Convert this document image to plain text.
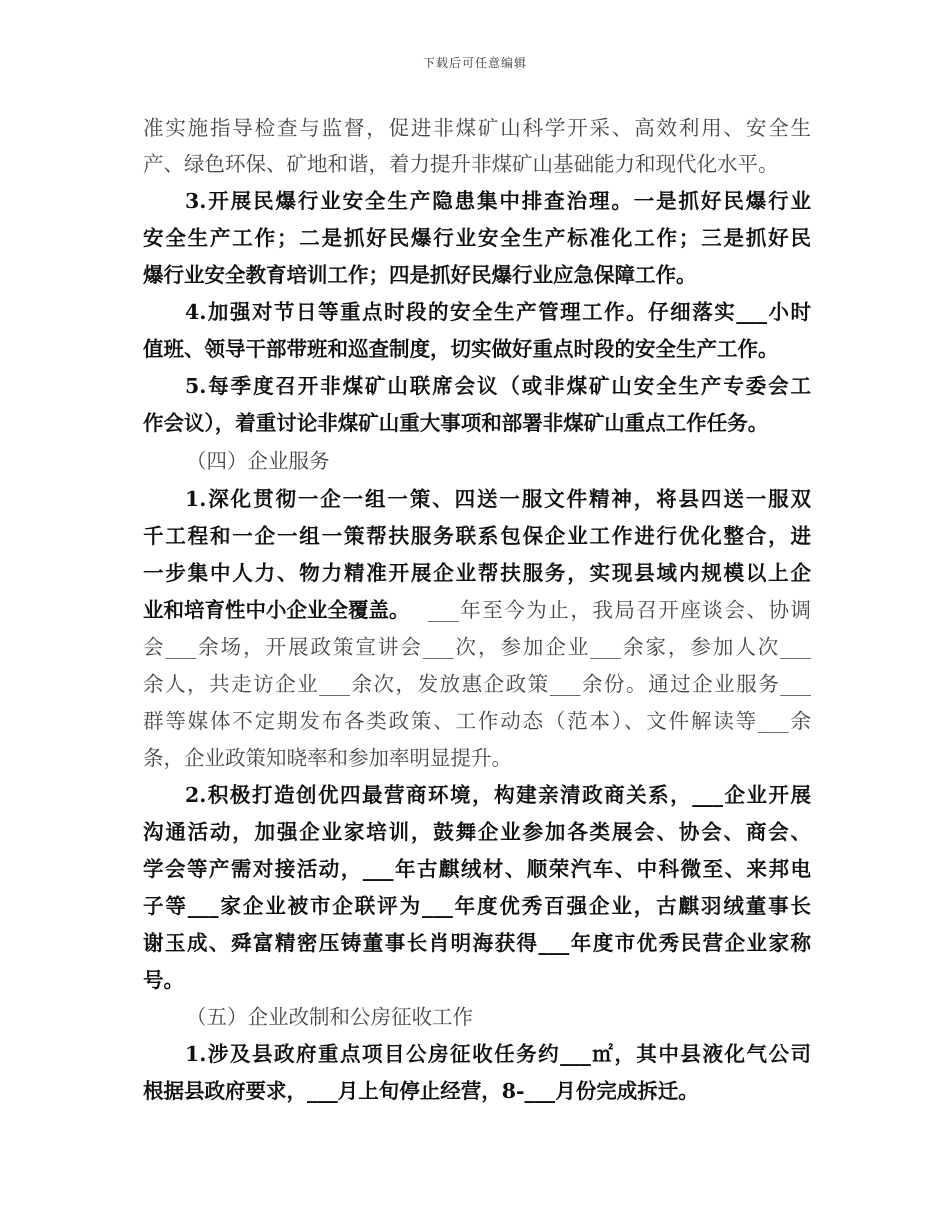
下载后可任意编辑
准实施指导检查与监督，促进非煤矿山科学开采、高效利用、安全生
产、绿色环保、矿地和谐，着力提升非煤矿山基础能力和现代化水平。
3.开展民爆行业安全生产隐患集中排查治理。一是抓好民爆行业
安全生产工作；二是抓好民爆行业安全生产标准化工作；三是抓好民
爆行业安全教育培训工作；四是抓好民爆行业应急保障工作。
4.加强对节日等重点时段的安全生产管理工作。仔细落实___小时
值班、领导干部带班和巡查制度，切实做好重点时段的安全生产工作。
5.每季度召开非煤矿山联席会议（或非煤矿山安全生产专委会工
作会议），着重讨论非煤矿山重大事项和部署非煤矿山重点工作任务。
（四）企业服务
1.深化贯彻一企一组一策、四送一服文件精神，将县四送一服双
千工程和一企一组一策帮扶服务联系包保企业工作进行优化整合，进
一步集中人力、物力精准开展企业帮扶服务，实现县域内规模以上企
业和培育性中小企业全覆盖。 ___年至今为止，我局召开座谈会、协调
会___余场，开展政策宣讲会___次，参加企业___余家，参加人次___
余人，共走访企业___余次，发放惠企政策___余份。通过企业服务___
群等媒体不定期发布各类政策、工作动态（范本）、文件解读等___余
条，企业政策知晓率和参加率明显提升。
2.积极打造创优四最营商环境，构建亲清政商关系，___企业开展
沟通活动，加强企业家培训，鼓舞企业参加各类展会、协会、商会、
学会等产需对接活动，___年古麒绒材、顺荣汽车、中科微至、来邦电
子等___家企业被市企联评为___年度优秀百强企业，古麒羽绒董事长
谢玉成、舜富精密压铸董事长肖明海获得___年度市优秀民营企业家称
号。
（五）企业改制和公房征收工作
1.涉及县政府重点项目公房征收任务约___㎡，其中县液化气公司
根据县政府要求，___月上旬停止经营，8-___月份完成拆迁。
